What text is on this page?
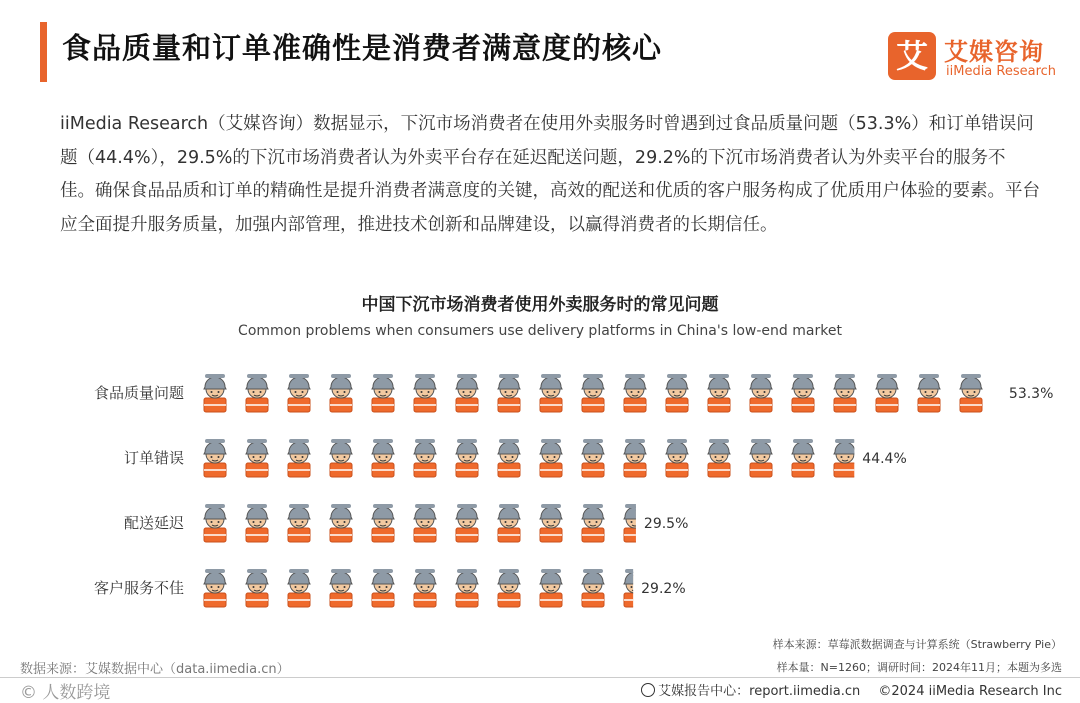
食品质量和订单准确性是消费者满意度的核心	艾 艾媒咨询
iiMedia Research
iiMedia Research（艾媒咨询）数据显示，下沉市场消费者在使用外卖服务时曾遇到过食品质量问题（53.3%）和订单错误问题（44.4%），29.5%的下沉市场消费者认为外卖平台存在延迟配送问题，29.2%的下沉市场消费者认为外卖平台的服务不佳。确保食品品质和订单的精确性是提升消费者满意度的关键，高效的配送和优质的客户服务构成了优质用户体验的要素。平台应全面提升服务质量，加强内部管理，推进技术创新和品牌建设，以赢得消费者的长期信任。
中国下沉市场消费者使用外卖服务时的常见问题
Common problems when consumers use delivery platforms in China's low-end market
食品质量问题	53.3%
订单错误	44.4%
配送延迟	29.5%
客户服务不佳	29.2%
样本来源：草莓派数据调查与计算系统（Strawberry Pie）
样本量：N=1260；调研时间：2024年11月；本题为多选
数据来源：艾媒数据中心（data.iimedia.cn）
© 人数跨境	艾媒报告中心：report.iimedia.cn ©2024 iiMedia Research Inc
